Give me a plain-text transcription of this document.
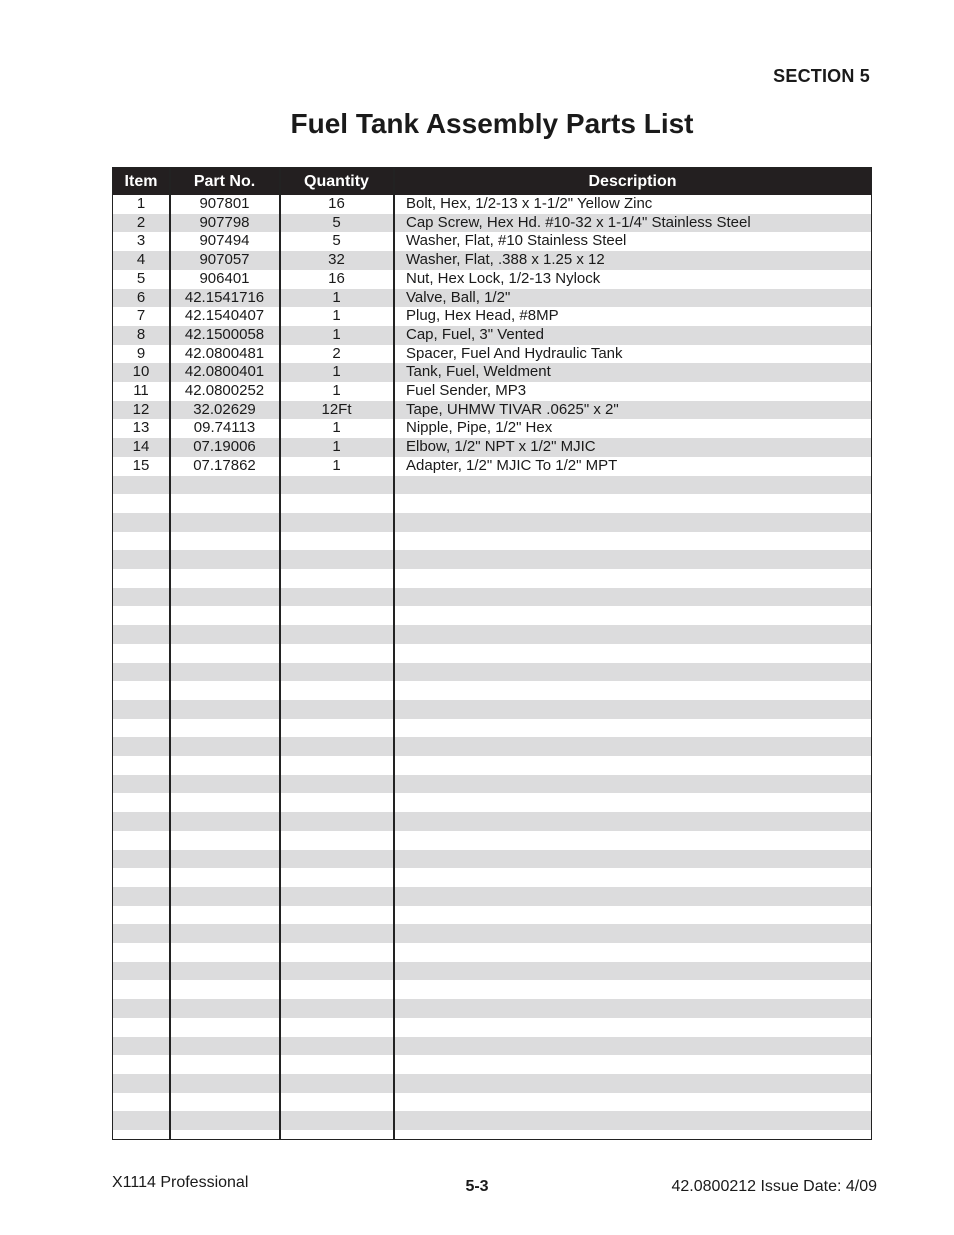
SECTION 5
Fuel Tank Assembly Parts List
Item	Part No.	Quantity	Description
1	907801	16	Bolt, Hex, 1/2-13 x 1-1/2" Yellow Zinc
2	907798	5	Cap Screw, Hex Hd. #10-32 x 1-1/4" Stainless Steel
3	907494	5	Washer, Flat, #10 Stainless Steel
4	907057	32	Washer, Flat, .388 x 1.25 x 12
5	906401	16	Nut, Hex Lock, 1/2-13 Nylock
6	42.1541716	1	Valve, Ball, 1/2"
7	42.1540407	1	Plug, Hex Head, #8MP
8	42.1500058	1	Cap, Fuel, 3" Vented
9	42.0800481	2	Spacer, Fuel And Hydraulic Tank
10	42.0800401	1	Tank, Fuel, Weldment
11	42.0800252	1	Fuel Sender, MP3
12	32.02629	12Ft	Tape, UHMW TIVAR .0625" x 2"
13	09.74113	1	Nipple, Pipe, 1/2" Hex
14	07.19006	1	Elbow, 1/2" NPT x 1/2" MJIC
15	07.17862	1	Adapter, 1/2" MJIC To 1/2" MPT
X1114 Professional	5-3	42.0800212 Issue Date: 4/09
